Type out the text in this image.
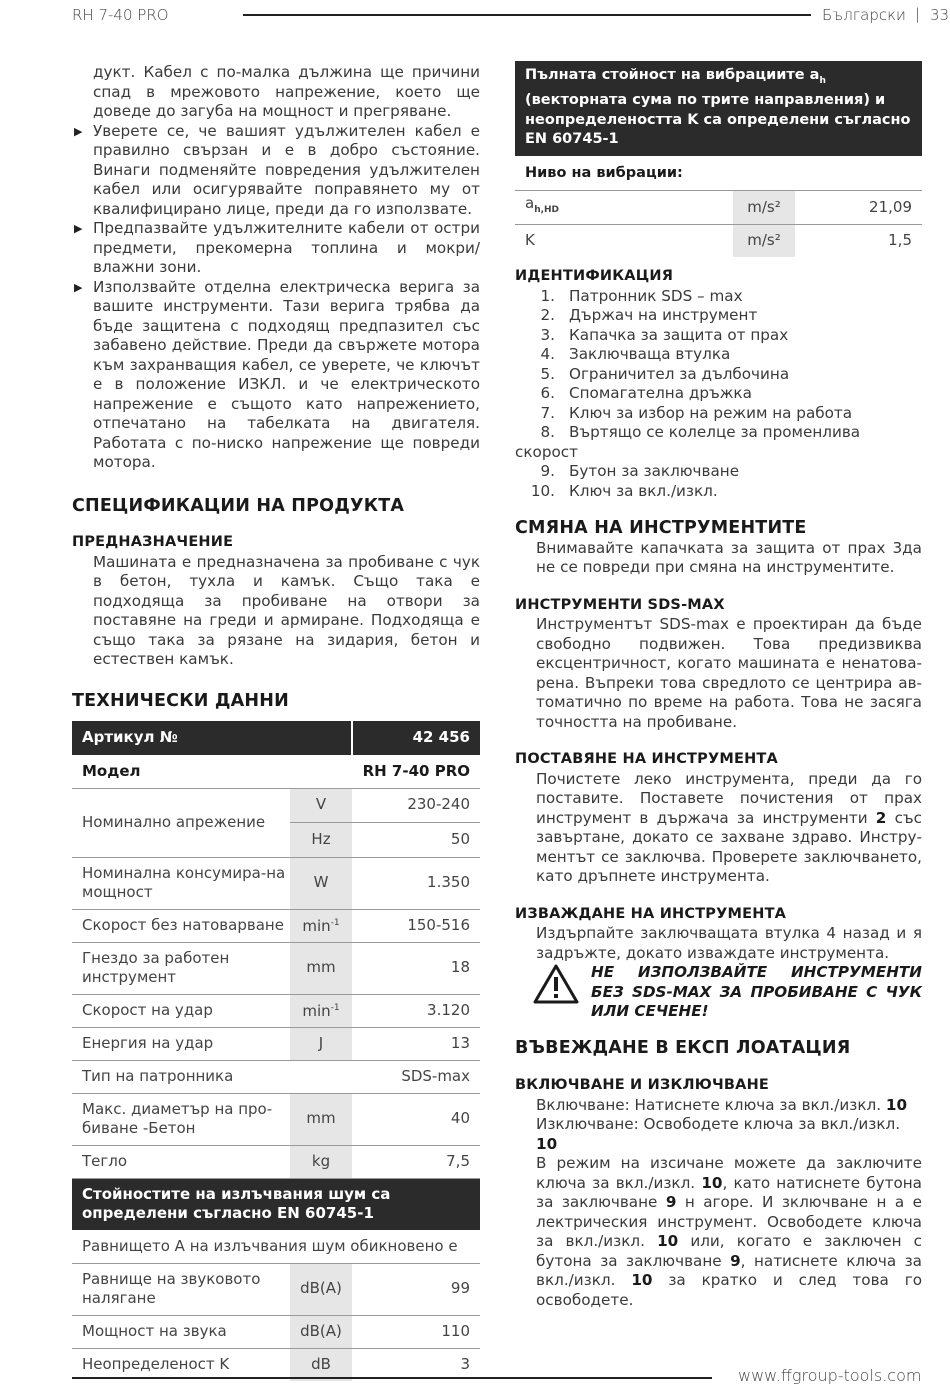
RH 7-40 PRO	Български | 33

дукт. Кабел с по-малка дължина ще причини спад в мрежовото напрежение, което ще доведе до загуба на мощност и прегряване.

▶ Уверете се, че вашият удължителен кабел е правилно свързан и е в добро състояние. Винаги подменяйте повредения удължителен кабел или осигурявайте поправянето му от квалифицирано лице, преди да го използвате.
▶ Предпазвайте удължителните кабели от остри предмети, прекомерна топлина и мокри/влажни зони.
▶ Използвайте отделна електрическа верига за вашите инструменти. Тази верига трябва да бъде защитена с подходящ предпазител със забавено действие. Преди да свържете мотора към захранващия кабел, се уверете, че ключът е в положение ИЗКЛ. и че електрическото напрежение е същото като напрежението, отпечатано на табелката на двигателя. Работата с по-ниско напрежение ще повреди мотора.
СПЕЦИФИКАЦИИ НА ПРОДУКТА
ПРЕДНАЗНАЧЕНИЕ

Машината е предназначена за пробиване с чук в бетон, тухла и камък. Също така е подходяща за пробиване на отвори за поставяне на греди и армиране. Подходяща е също така за рязане на зидария, бетон и естествен камък.

ТЕХНИЧЕСКИ ДАННИ
Артикул №		42 456
Модел		RH 7-40 PRO
Номинално апрежение	V	230-240
	Hz	50
Номинална консумира-на мощност	W	1.350
Скорост без натоварване	$\min^{-1}$	150-516
Гнездо за работен инструмент	mm	18
Скорост на удар	$\min^{-1}$	3.120
Енергия на удар	J	13
Тип на патронника		SDS-max
Макс. диаметър на про-биване -Бетон	mm	40
Тегло	kg	7,5
Стойностите на излъчвания шум са определени съгласно EN 60745-1		
Равнището A на излъчвания шум обикновено е		
Равнище на звуковото налягане	dB(A)	99
Мощност на звука	dB(A)	110
Неопределеност K	dB	3
Пълната стойност на вибрациите $a_h$ (векторната сума по трите направления) и неопределеността K са определени съгласно EN 60745-1
Ниво на вибрации:
$a_{h,HD}$	m/s²	21,09
K	m/s²	1,5
ИДЕНТИФИКАЦИЯ
1. Патронник SDS – max
2. Държач на инструмент
3. Капачка за защита от прах
4. Заключваща втулка
5. Ограничител за дълбочина
6. Спомагателна дръжка
7. Ключ за избор на режим на работа
8. Въртящо се колелце за променлива скорост
9. Бутон за заключване
10. Ключ за вкл./изкл.
СМЯНА НА ИНСТРУМЕНТИТЕ

Внимавайте капачката за защита от прах 3да не се повреди при смяна на инструментите.

ИНСТРУМЕНТИ SDS-MAX

Инструментът SDS-max е проектиран да бъде свободно подвижен. Това предизвиква ексцентричност, когато машината е ненатова-рена. Въпреки това свредлото се центрира ав-томатично по време на работа. Това не засяга точността на пробиване.

ПОСТАВЯНЕ НА ИНСТРУМЕНТА

Почистете леко инструмента, преди да го поставите. Поставете почистения от прах инструмент в държача за инструменти 2 със завъртане, докато се захване здраво. Инстру-ментът се заключва. Проверете заключването, като дръпнете инструмента.

ИЗВАЖДАНЕ НА ИНСТРУМЕНТА

Издърпайте заключващата втулка 4 назад и я задръжте, докато изваждате инструмента.

НЕ ИЗПОЛЗВАЙТЕ ИНСТРУМЕНТИ БЕЗ SDS-MAX ЗА ПРОБИВАНЕ С ЧУК ИЛИ СЕЧЕНЕ!
ВЪВЕЖДАНЕ В ЕКСП ЛОАТАЦИЯ
ВКЛЮЧВАНЕ И ИЗКЛЮЧВАНЕ
Включване: Натиснете ключа за вкл./изкл. 10
Изключване: Освободете ключа за вкл./изкл. 10

В режим на изсичане можете да заключите ключа за вкл./изкл. 10, като натиснете бутона за заключване 9 н агоре. И зключване н а е лектрическия инструмент. Освободете ключа за вкл./изкл. 10 или, когато е заключен с бутона за заключване 9, натиснете ключа за вкл./изкл. 10 за кратко и след това го освободете.

www.ffgroup-tools.com
